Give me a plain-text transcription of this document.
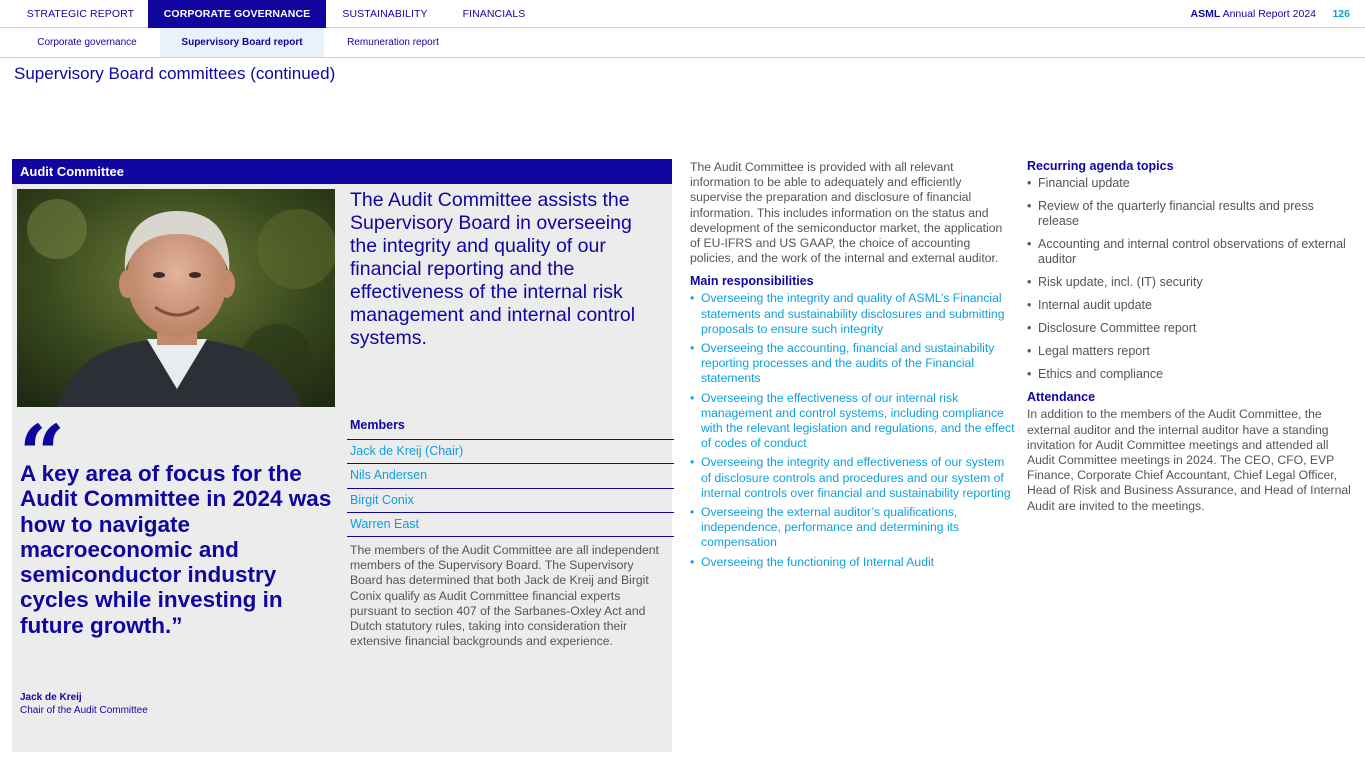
STRATEGIC REPORT	CORPORATE GOVERNANCE	SUSTAINABILITY	FINANCIALS	ASML Annual Report 2024 126
Corporate governance	Supervisory Board report	Remuneration report
Supervisory Board committees (continued)
Audit Committee
The Audit Committee assists the Supervisory Board in overseeing the integrity and quality of our financial reporting and the effectiveness of the internal risk management and internal control systems.
“
A key area of focus for the Audit Committee in 2024 was how to navigate macroeconomic and semiconductor industry cycles while investing in future growth.”
Jack de Kreij
Chair of the Audit Committee
Members
Jack de Kreij (Chair)
Nils Andersen
Birgit Conix
Warren East
The members of the Audit Committee are all independent members of the Supervisory Board. The Supervisory Board has determined that both Jack de Kreij and Birgit Conix qualify as Audit Committee financial experts pursuant to section 407 of the Sarbanes-Oxley Act and Dutch statutory rules, taking into consideration their extensive financial backgrounds and experience.
The Audit Committee is provided with all relevant information to be able to adequately and efficiently supervise the preparation and disclosure of financial information. This includes information on the status and development of the semiconductor market, the application of EU-IFRS and US GAAP, the choice of accounting policies, and the work of the internal and external auditor.
Main responsibilities
• Overseeing the integrity and quality of ASML’s Financial statements and sustainability disclosures and submitting proposals to ensure such integrity
• Overseeing the accounting, financial and sustainability reporting processes and the audits of the Financial statements
• Overseeing the effectiveness of our internal risk management and control systems, including compliance with the relevant legislation and regulations, and the effect of codes of conduct
• Overseeing the integrity and effectiveness of our system of disclosure controls and procedures and our system of internal controls over financial and sustainability reporting
• Overseeing the external auditor’s qualifications, independence, performance and determining its compensation
• Overseeing the functioning of Internal Audit
Recurring agenda topics
• Financial update
• Review of the quarterly financial results and press release
• Accounting and internal control observations of external auditor
• Risk update, incl. (IT) security
• Internal audit update
• Disclosure Committee report
• Legal matters report
• Ethics and compliance
Attendance
In addition to the members of the Audit Committee, the external auditor and the internal auditor have a standing invitation for Audit Committee meetings and attended all Audit Committee meetings in 2024. The CEO, CFO, EVP Finance, Corporate Chief Accountant, Chief Legal Officer, Head of Risk and Business Assurance, and Head of Internal Audit are invited to the meetings.
